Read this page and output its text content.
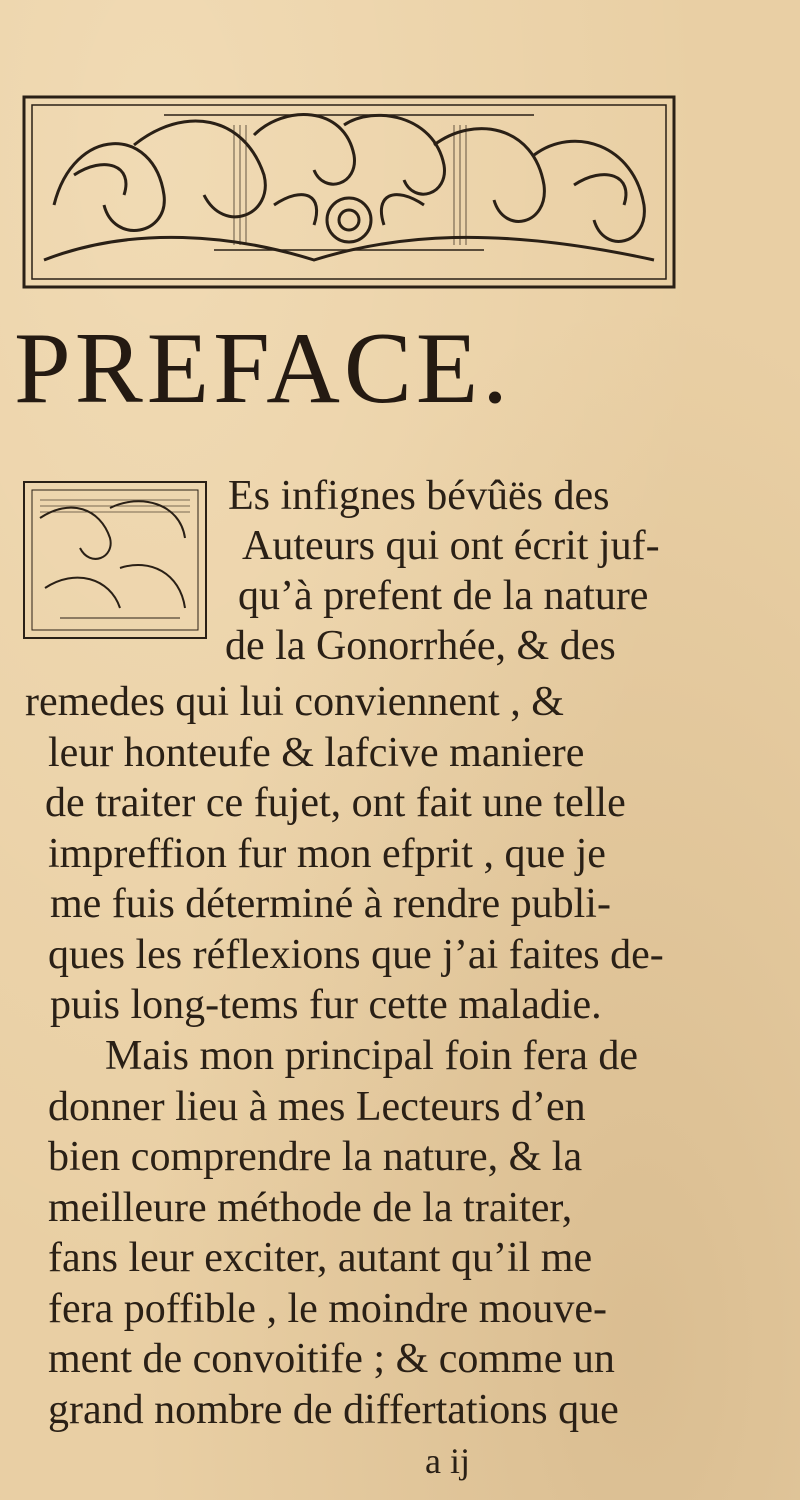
PREFACE.
Es infignes bévûës des
Auteurs qui ont écrit juf-
qu’à prefent de la nature
de la Gonorrhée, & des
remedes qui lui conviennent , &
leur honteufe & lafcive maniere
de traiter ce fujet, ont fait une telle
impreffion fur mon efprit , que je
me fuis déterminé à rendre publi-
ques les réflexions que j’ai faites de-
puis long-tems fur cette maladie.
Mais mon principal foin fera de
donner lieu à mes Lecteurs d’en
bien comprendre la nature, & la
meilleure méthode de la traiter,
fans leur exciter, autant qu’il me
fera poffible , le moindre mouve-
ment de convoitife ; & comme un
grand nombre de differtations que
a ij
